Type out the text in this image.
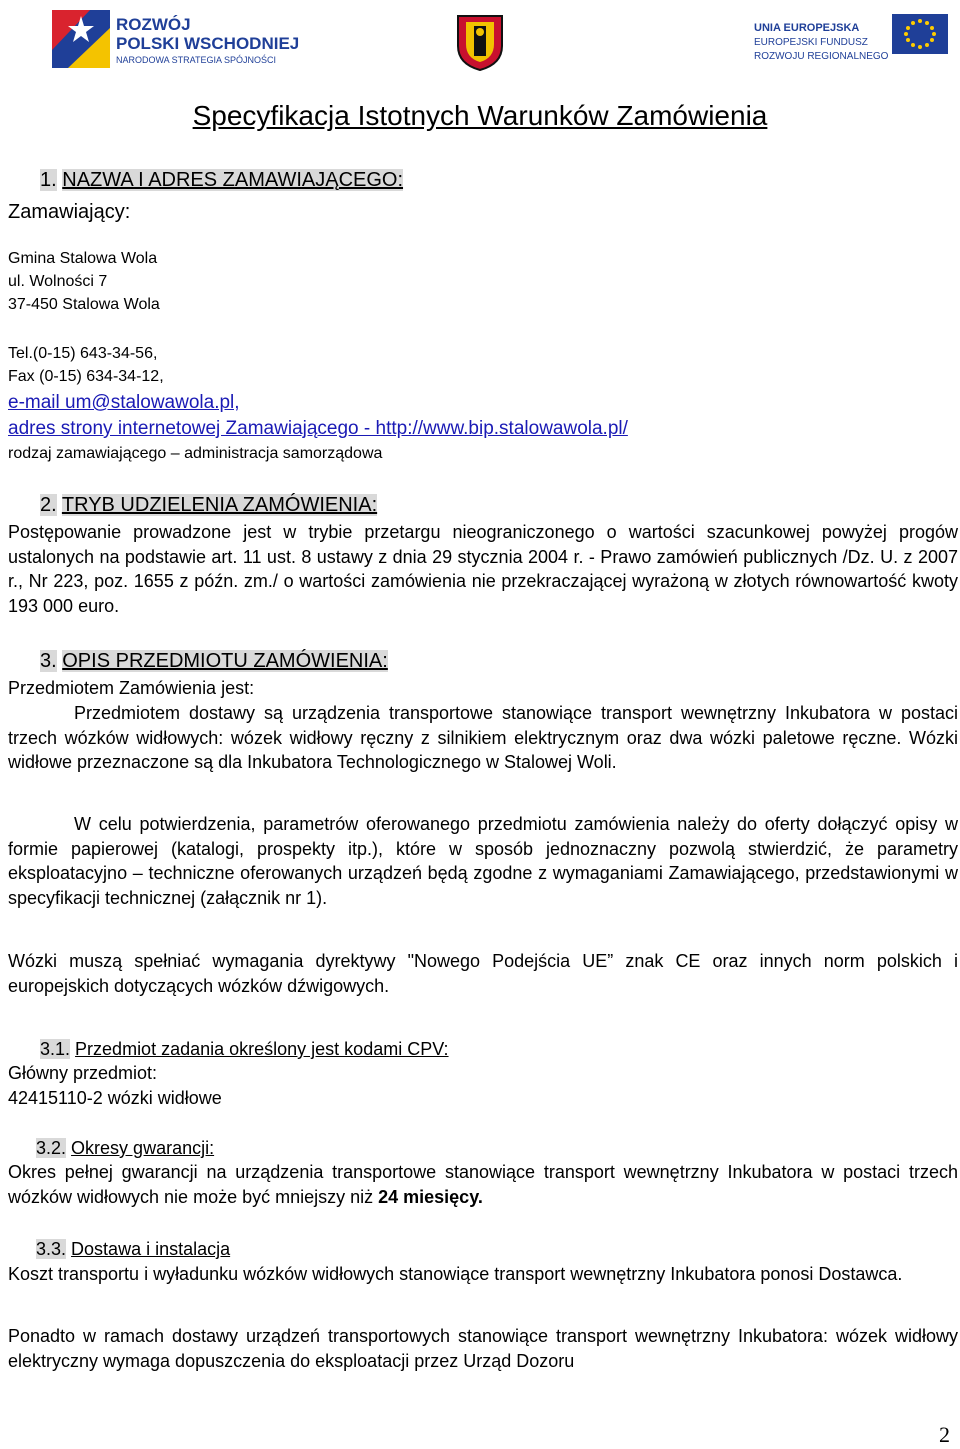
ROZWÓJ
POLSKI WSCHODNIEJ
NARODOWA STRATEGIA SPÓJNOŚCI
UNIA EUROPEJSKA
EUROPEJSKI FUNDUSZ
ROZWOJU REGIONALNEGO
Specyfikacja Istotnych Warunków Zamówienia
1. NAZWA I ADRES ZAMAWIAJĄCEGO:
Zamawiający:
Gmina Stalowa Wola
ul. Wolności 7
37-450 Stalowa Wola
Tel.(0-15) 643-34-56,
Fax (0-15) 634-34-12,
e-mail um@stalowawola.pl,
adres strony internetowej Zamawiającego - http://www.bip.stalowawola.pl/
rodzaj zamawiającego – administracja samorządowa
2. TRYB UDZIELENIA ZAMÓWIENIA:
Postępowanie prowadzone jest w trybie przetargu nieograniczonego o wartości szacunkowej powyżej progów ustalonych na podstawie art. 11 ust. 8 ustawy z dnia 29 stycznia 2004 r. - Prawo zamówień publicznych /Dz. U. z 2007 r., Nr 223, poz. 1655 z późn. zm./ o wartości zamówienia nie przekraczającej wyrażoną w złotych równowartość kwoty 193 000 euro.
3. OPIS PRZEDMIOTU ZAMÓWIENIA:
Przedmiotem Zamówienia jest:
Przedmiotem dostawy są urządzenia transportowe stanowiące transport wewnętrzny Inkubatora w postaci trzech wózków widłowych: wózek widłowy ręczny z silnikiem elektrycznym oraz dwa wózki paletowe ręczne. Wózki widłowe przeznaczone są dla Inkubatora Technologicznego w Stalowej Woli.
W celu potwierdzenia, parametrów oferowanego przedmiotu zamówienia należy do oferty dołączyć opisy w formie papierowej (katalogi, prospekty itp.), które w sposób jednoznaczny pozwolą stwierdzić, że parametry eksploatacyjno – techniczne oferowanych urządzeń będą zgodne z wymaganiami Zamawiającego, przedstawionymi w specyfikacji technicznej (załącznik nr 1).
Wózki muszą spełniać wymagania dyrektywy "Nowego Podejścia UE” znak CE oraz innych norm polskich i europejskich dotyczących wózków dźwigowych.
3.1. Przedmiot zadania określony jest kodami CPV:
Główny przedmiot:
42415110-2 wózki widłowe
3.2. Okresy gwarancji:
Okres pełnej gwarancji na urządzenia transportowe stanowiące transport wewnętrzny Inkubatora w postaci trzech wózków widłowych nie może być mniejszy niż 24 miesięcy.
3.3. Dostawa i instalacja
Koszt transportu i wyładunku wózków widłowych stanowiące transport wewnętrzny Inkubatora ponosi Dostawca.
Ponadto w ramach dostawy urządzeń transportowych stanowiące transport wewnętrzny Inkubatora: wózek widłowy elektryczny wymaga dopuszczenia do eksploatacji przez Urząd Dozoru
2
